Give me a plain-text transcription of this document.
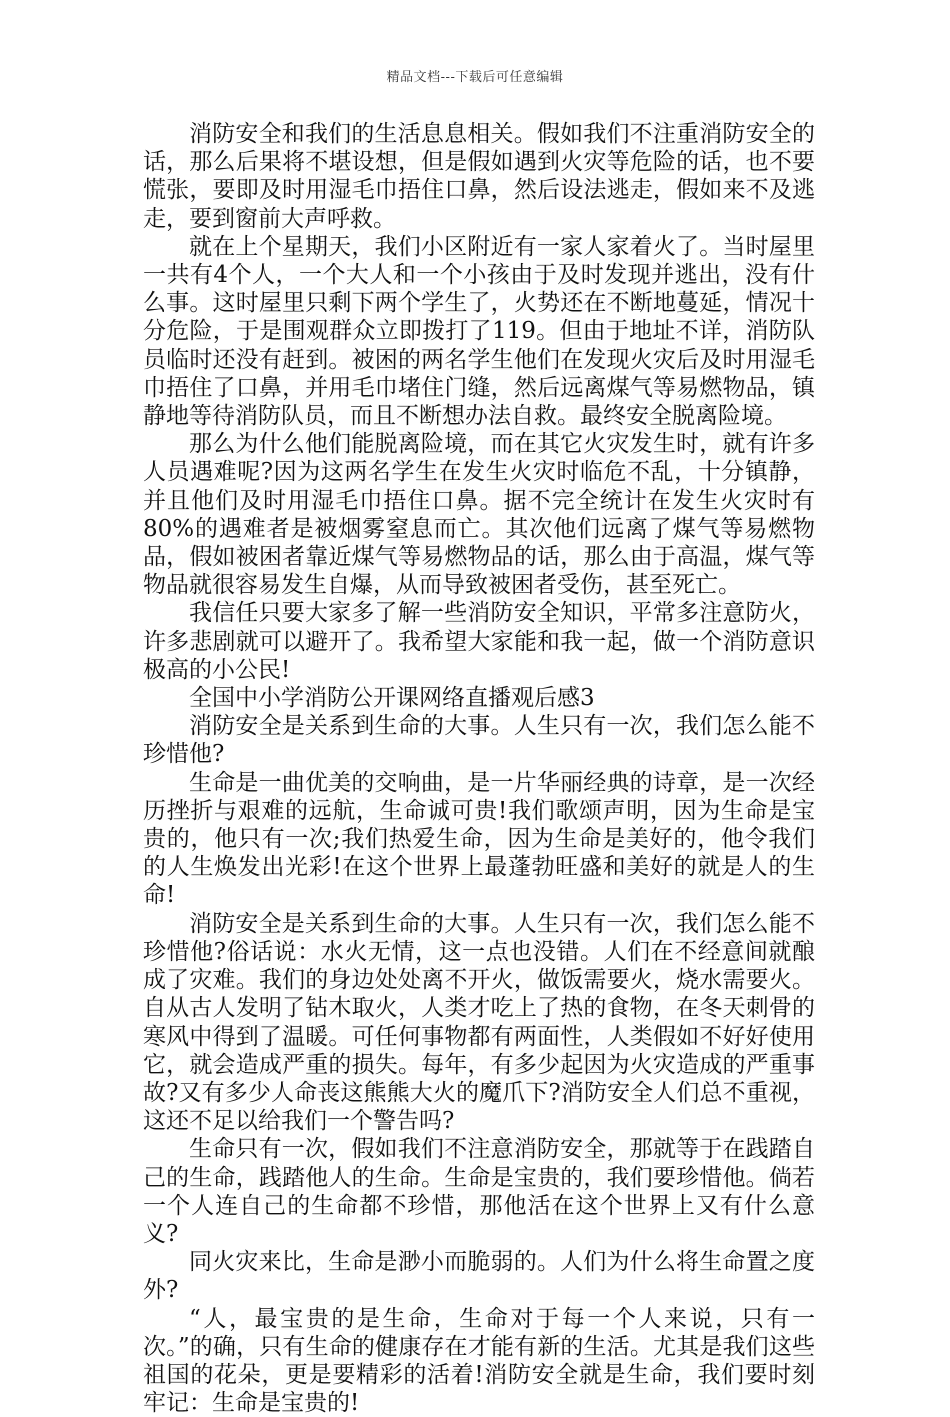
精品文档---下载后可任意编辑

消防安全和我们的生活息息相关。假如我们不注重消防安全的话，那么后果将不堪设想，但是假如遇到火灾等危险的话，也不要慌张，要即及时用湿毛巾捂住口鼻，然后设法逃走，假如来不及逃走，要到窗前大声呼救。

就在上个星期天，我们小区附近有一家人家着火了。当时屋里一共有4个人，一个大人和一个小孩由于及时发现并逃出，没有什么事。这时屋里只剩下两个学生了，火势还在不断地蔓延，情况十分危险，于是围观群众立即拨打了119。但由于地址不详，消防队员临时还没有赶到。被困的两名学生他们在发现火灾后及时用湿毛巾捂住了口鼻，并用毛巾堵住门缝，然后远离煤气等易燃物品，镇静地等待消防队员，而且不断想办法自救。最终安全脱离险境。

那么为什么他们能脱离险境，而在其它火灾发生时，就有许多人员遇难呢?因为这两名学生在发生火灾时临危不乱，十分镇静，并且他们及时用湿毛巾捂住口鼻。据不完全统计在发生火灾时有80%的遇难者是被烟雾窒息而亡。其次他们远离了煤气等易燃物品，假如被困者靠近煤气等易燃物品的话，那么由于高温，煤气等物品就很容易发生自爆，从而导致被困者受伤，甚至死亡。

我信任只要大家多了解一些消防安全知识，平常多注意防火，许多悲剧就可以避开了。我希望大家能和我一起，做一个消防意识极高的小公民!

全国中小学消防公开课网络直播观后感3

消防安全是关系到生命的大事。人生只有一次，我们怎么能不珍惜他?

生命是一曲优美的交响曲，是一片华丽经典的诗章，是一次经历挫折与艰难的远航，生命诚可贵!我们歌颂声明，因为生命是宝贵的，他只有一次;我们热爱生命，因为生命是美好的，他令我们的人生焕发出光彩!在这个世界上最蓬勃旺盛和美好的就是人的生命!

消防安全是关系到生命的大事。人生只有一次，我们怎么能不珍惜他?俗话说：水火无情，这一点也没错。人们在不经意间就酿成了灾难。我们的身边处处离不开火，做饭需要火，烧水需要火。自从古人发明了钻木取火，人类才吃上了热的食物，在冬天刺骨的寒风中得到了温暖。可任何事物都有两面性，人类假如不好好使用它，就会造成严重的损失。每年，有多少起因为火灾造成的严重事故?又有多少人命丧这熊熊大火的魔爪下?消防安全人们总不重视，这还不足以给我们一个警告吗?

生命只有一次，假如我们不注意消防安全，那就等于在践踏自己的生命，践踏他人的生命。生命是宝贵的，我们要珍惜他。倘若一个人连自己的生命都不珍惜，那他活在这个世界上又有什么意义?

同火灾来比，生命是渺小而脆弱的。人们为什么将生命置之度外?

“人，最宝贵的是生命，生命对于每一个人来说，只有一次。”的确，只有生命的健康存在才能有新的生活。尤其是我们这些祖国的花朵，更是要精彩的活着!消防安全就是生命，我们要时刻牢记：生命是宝贵的!
